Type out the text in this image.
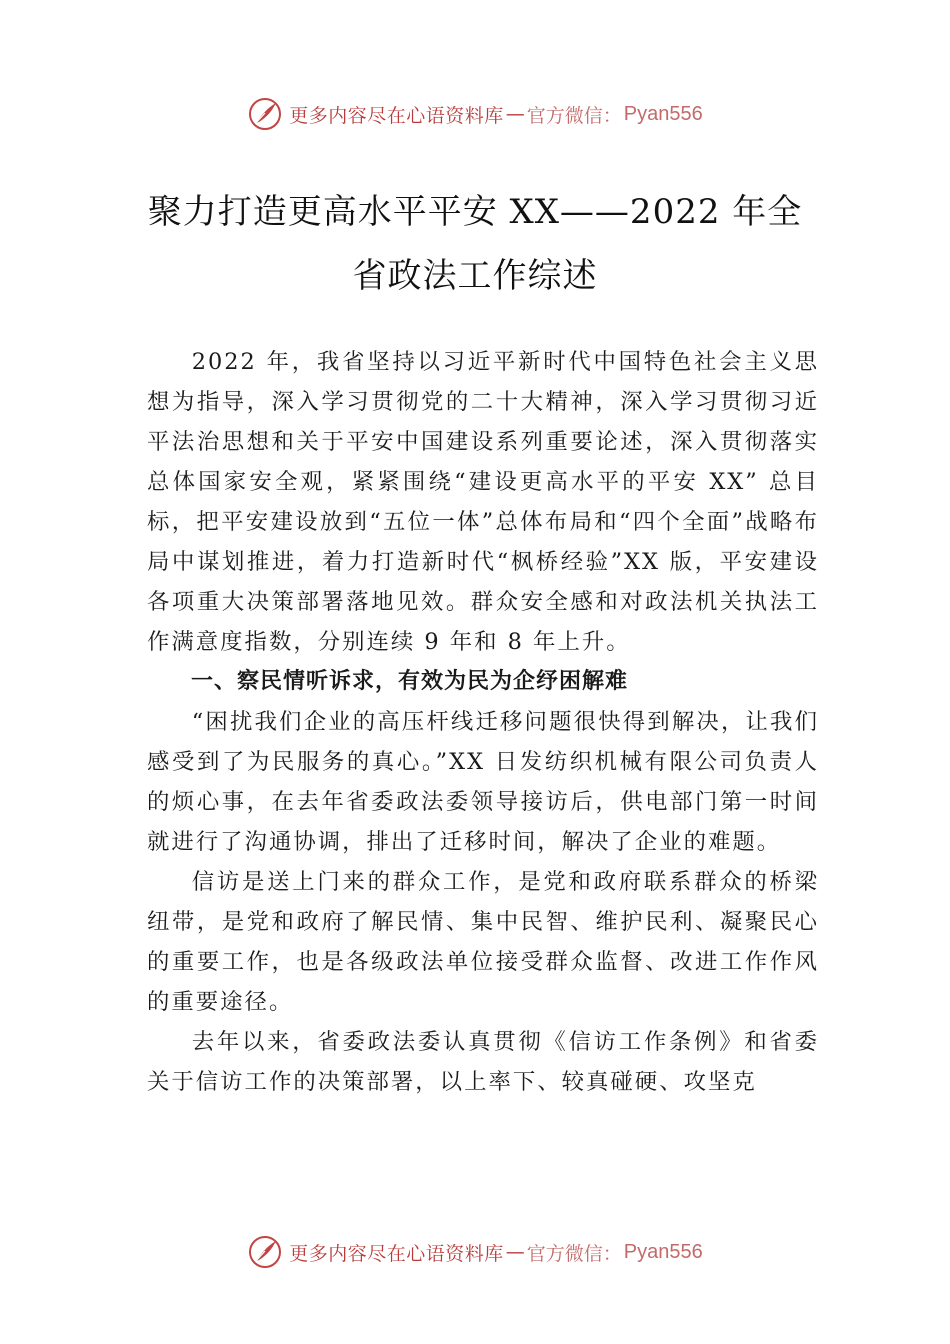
更多内容尽在心语资料库 — 官方微信： Pyan556
聚力打造更高水平平安 XX——2022 年全
省政法工作综述

2022 年，我省坚持以习近平新时代中国特色社会主义思想为指导，深入学习贯彻党的二十大精神，深入学习贯彻习近平法治思想和关于平安中国建设系列重要论述，深入贯彻落实总体国家安全观，紧紧围绕“建设更高水平的平安 XX” 总目标，把平安建设放到“五位一体”总体布局和“四个全面”战略布局中谋划推进，着力打造新时代“枫桥经验”XX 版，平安建设各项重大决策部署落地见效。群众安全感和对政法机关执法工作满意度指数，分别连续 9 年和 8 年上升。

一、察民情听诉求，有效为民为企纾困解难

“困扰我们企业的高压杆线迁移问题很快得到解决，让我们感受到了为民服务的真心。”XX 日发纺织机械有限公司负责人的烦心事，在去年省委政法委领导接访后，供电部门第一时间就进行了沟通协调，排出了迁移时间，解决了企业的难题。

信访是送上门来的群众工作，是党和政府联系群众的桥梁纽带，是党和政府了解民情、集中民智、维护民利、凝聚民心的重要工作，也是各级政法单位接受群众监督、改进工作作风的重要途径。

去年以来，省委政法委认真贯彻《信访工作条例》和省委关于信访工作的决策部署，以上率下、较真碰硬、攻坚克

更多内容尽在心语资料库 — 官方微信： Pyan556
